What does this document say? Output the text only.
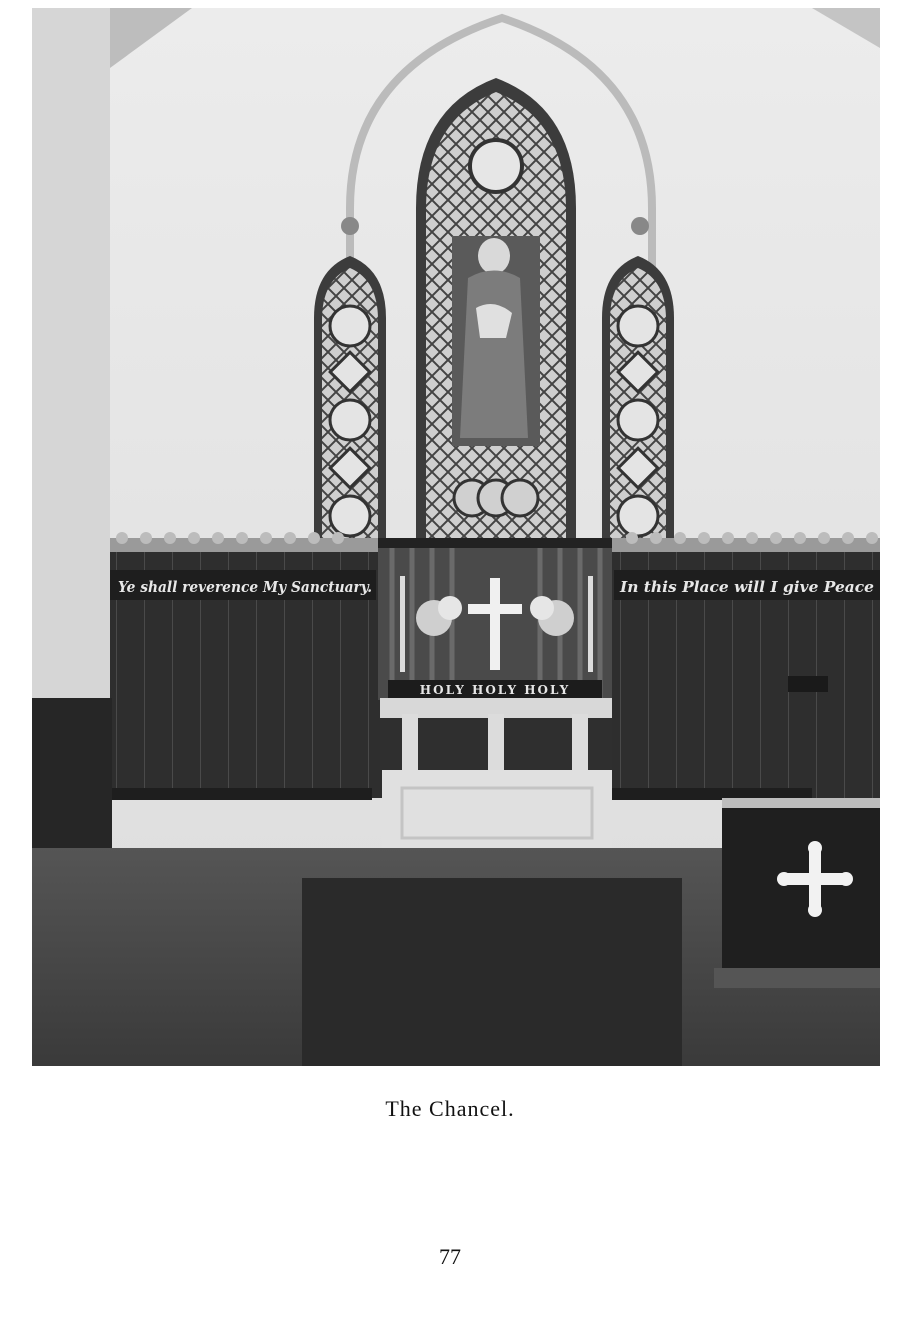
Ye shall reverence My Sanctuary.	In this Place will I give Peace
HOLY HOLY HOLY
The Chancel.
77
